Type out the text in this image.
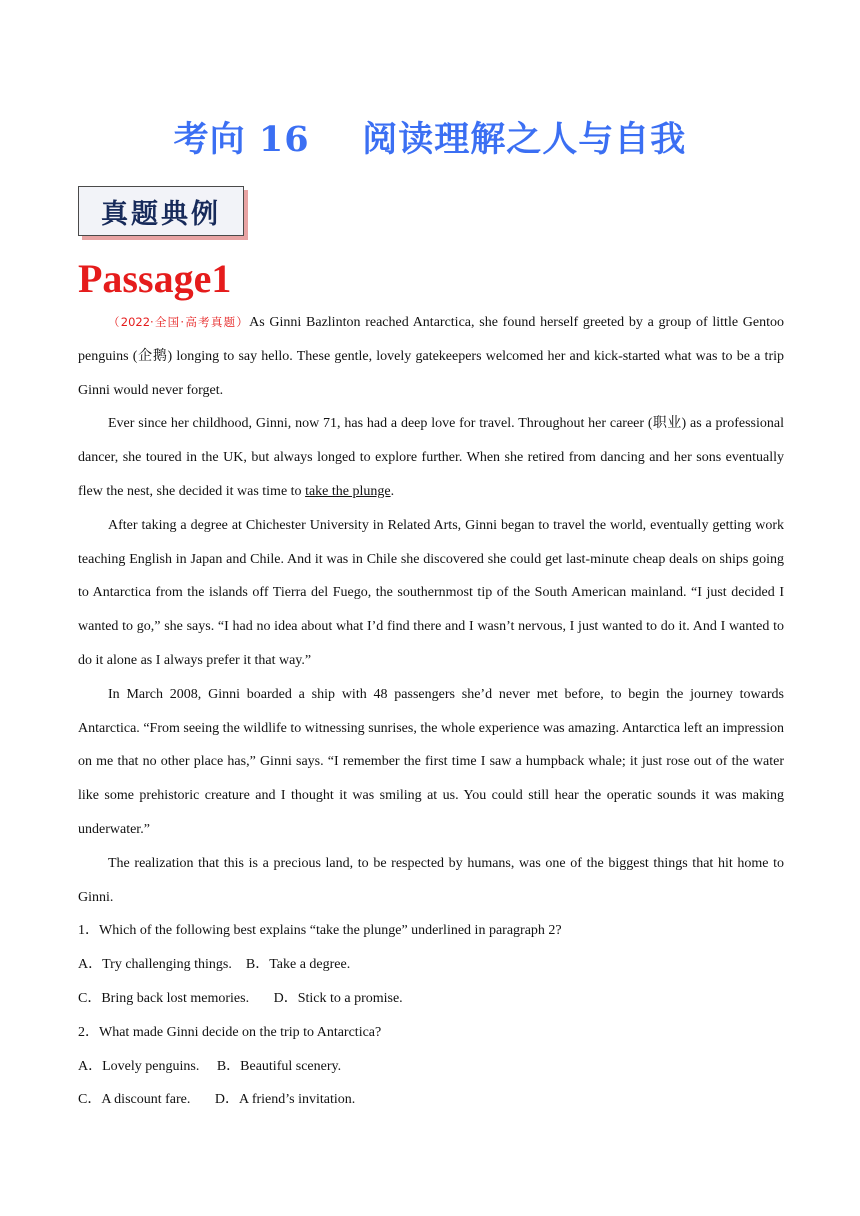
考向 16    阅读理解之人与自我
真题典例
Passage1

（2022·全国·高考真题）As Ginni Bazlinton reached Antarctica, she found herself greeted by a group of little Gentoo penguins (企鹅) longing to say hello. These gentle, lovely gatekeepers welcomed her and kick-started what was to be a trip Ginni would never forget.

Ever since her childhood, Ginni, now 71, has had a deep love for travel. Throughout her career (职业) as a professional dancer, she toured in the UK, but always longed to explore further. When she retired from dancing and her sons eventually flew the nest, she decided it was time to take the plunge.

After taking a degree at Chichester University in Related Arts, Ginni began to travel the world, eventually getting work teaching English in Japan and Chile. And it was in Chile she discovered she could get last-minute cheap deals on ships going to Antarctica from the islands off Tierra del Fuego, the southernmost tip of the South American mainland. “I just decided I wanted to go,” she says. “I had no idea about what I’d find there and I wasn’t nervous, I just wanted to do it. And I wanted to do it alone as I always prefer it that way.”

In March 2008, Ginni boarded a ship with 48 passengers she’d never met before, to begin the journey towards Antarctica. “From seeing the wildlife to witnessing sunrises, the whole experience was amazing. Antarctica left an impression on me that no other place has,” Ginni says. “I remember the first time I saw a humpback whale; it just rose out of the water like some prehistoric creature and I thought it was smiling at us. You could still hear the operatic sounds it was making underwater.”

The realization that this is a precious land, to be respected by humans, was one of the biggest things that hit home to Ginni.

1．Which of the following best explains “take the plunge” underlined in paragraph 2?

A．Try challenging things.    B．Take a degree.

C．Bring back lost memories.       D．Stick to a promise.

2．What made Ginni decide on the trip to Antarctica?

A．Lovely penguins.     B．Beautiful scenery.

C．A discount fare.       D．A friend’s invitation.
